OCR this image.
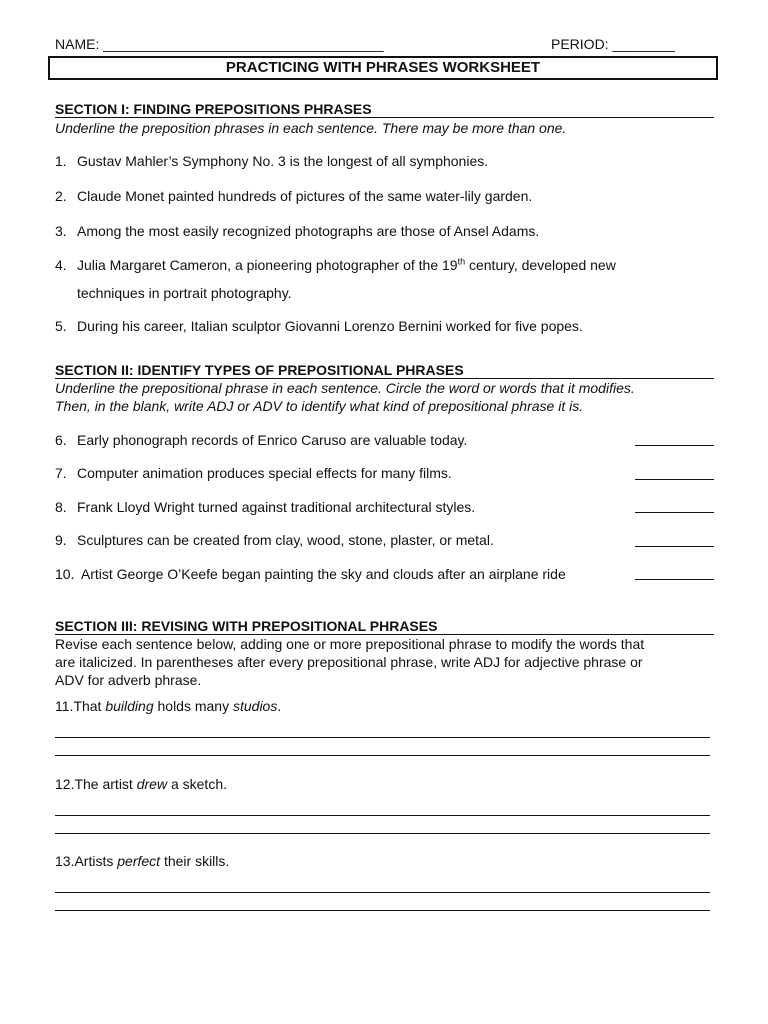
NAME: ____________________________________	PERIOD: ________
PRACTICING WITH PHRASES WORKSHEET
SECTION I: FINDING PREPOSITIONS PHRASES
Underline the preposition phrases in each sentence. There may be more than one.
1. Gustav Mahler’s Symphony No. 3 is the longest of all symphonies.
2. Claude Monet painted hundreds of pictures of the same water-lily garden.
3. Among the most easily recognized photographs are those of Ansel Adams.
4. Julia Margaret Cameron, a pioneering photographer of the 19th century, developed new
techniques in portrait photography.
5. During his career, Italian sculptor Giovanni Lorenzo Bernini worked for five popes.
SECTION II: IDENTIFY TYPES OF PREPOSITIONAL PHRASES
Underline the prepositional phrase in each sentence. Circle the word or words that it modifies.
Then, in the blank, write ADJ or ADV to identify what kind of prepositional phrase it is.
6. Early phonograph records of Enrico Caruso are valuable today.
7. Computer animation produces special effects for many films.
8. Frank Lloyd Wright turned against traditional architectural styles.
9. Sculptures can be created from clay, wood, stone, plaster, or metal.
10. Artist George O’Keefe began painting the sky and clouds after an airplane ride
SECTION III: REVISING WITH PREPOSITIONAL PHRASES
Revise each sentence below, adding one or more prepositional phrase to modify the words that
are italicized. In parentheses after every prepositional phrase, write ADJ for adjective phrase or
ADV for adverb phrase.
11.That building holds many studios.
12.The artist drew a sketch.
13.Artists perfect their skills.
